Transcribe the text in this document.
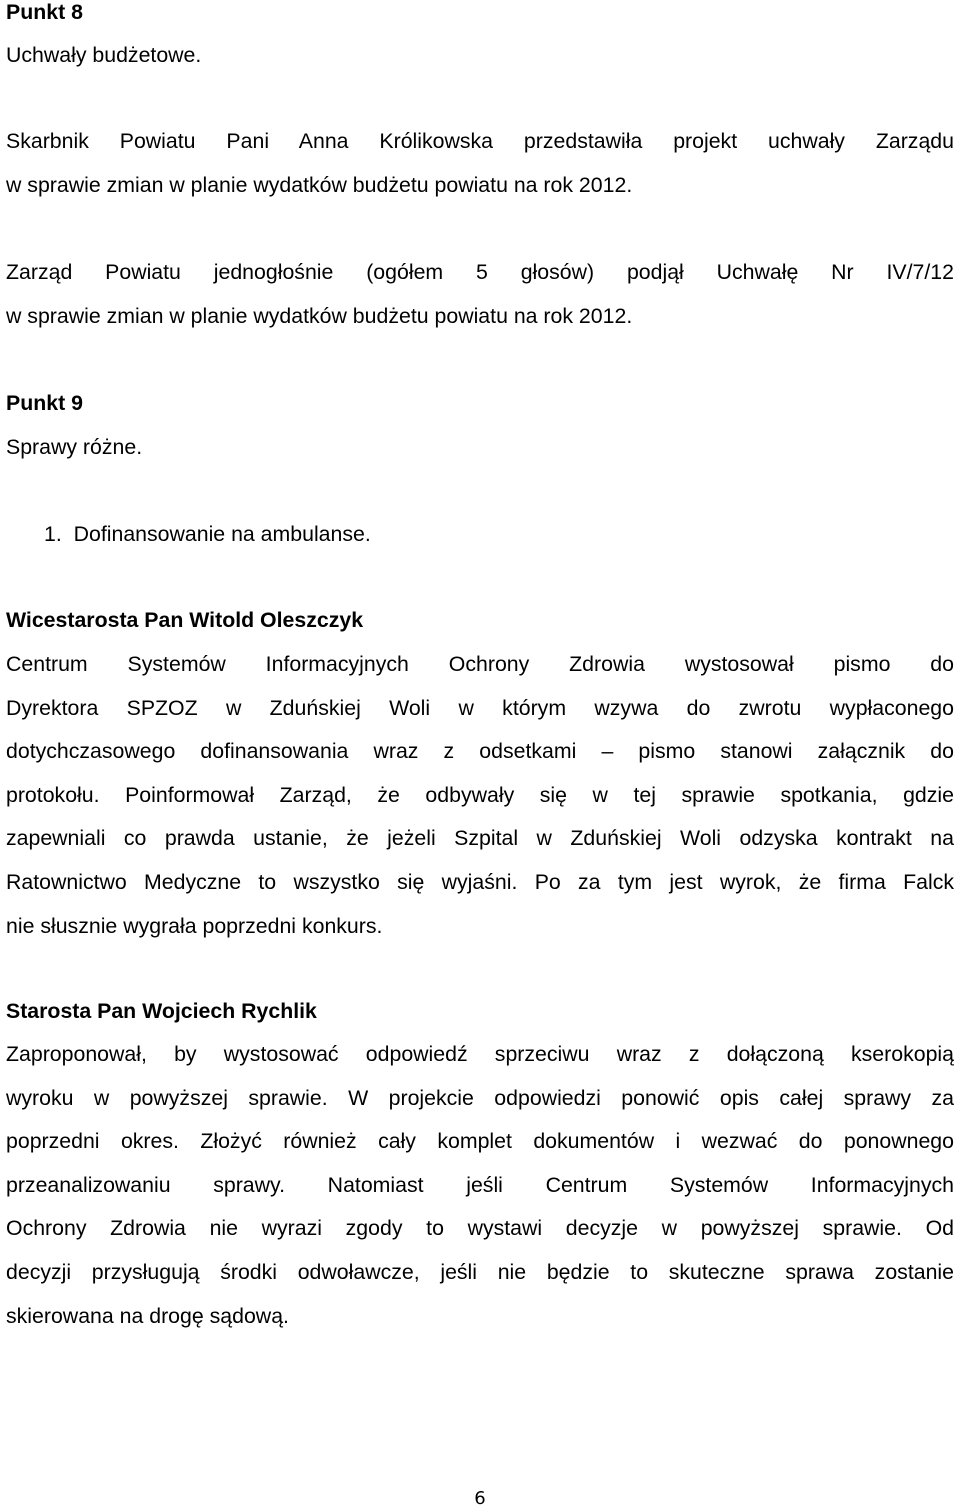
Punkt 8
Uchwały budżetowe.
Skarbnik Powiatu Pani Anna Królikowska przedstawiła projekt uchwały Zarządu
w sprawie zmian w planie wydatków budżetu powiatu na rok 2012.
Zarząd Powiatu jednogłośnie (ogółem 5 głosów) podjął Uchwałę Nr IV/7/12
w sprawie zmian w planie wydatków budżetu powiatu na rok 2012.
Punkt 9
Sprawy różne.
1. Dofinansowanie na ambulanse.
Wicestarosta Pan Witold Oleszczyk
Centrum Systemów Informacyjnych Ochrony Zdrowia wystosował pismo do
Dyrektora SPZOZ w Zduńskiej Woli w którym wzywa do zwrotu wypłaconego
dotychczasowego dofinansowania wraz z odsetkami – pismo stanowi załącznik do
protokołu. Poinformował Zarząd, że odbywały się w tej sprawie spotkania, gdzie
zapewniali co prawda ustanie, że jeżeli Szpital w Zduńskiej Woli odzyska kontrakt na
Ratownictwo Medyczne to wszystko się wyjaśni. Po za tym jest wyrok, że firma Falck
nie słusznie wygrała poprzedni konkurs.
Starosta Pan Wojciech Rychlik
Zaproponował, by wystosować odpowiedź sprzeciwu wraz z dołączoną kserokopią
wyroku w powyższej sprawie. W projekcie odpowiedzi ponowić opis całej sprawy za
poprzedni okres. Złożyć również cały komplet dokumentów i wezwać do ponownego
przeanalizowaniu sprawy. Natomiast jeśli Centrum Systemów Informacyjnych
Ochrony Zdrowia nie wyrazi zgody to wystawi decyzje w powyższej sprawie. Od
decyzji przysługują środki odwoławcze, jeśli nie będzie to skuteczne sprawa zostanie
skierowana na drogę sądową.
6
